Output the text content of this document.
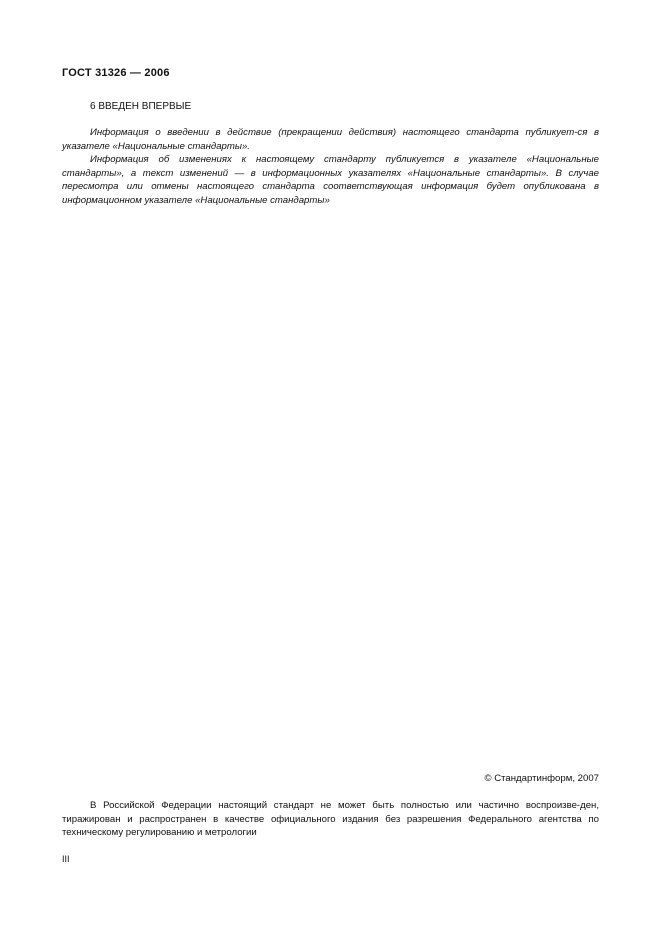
ГОСТ 31326 — 2006
6 ВВЕДЕН ВПЕРВЫЕ

Информация о введении в действие (прекращении действия) настоящего стандарта публикует-ся в указателе «Национальные стандарты».

Информация об изменениях к настоящему стандарту публикуется в указателе «Национальные стандарты», а текст изменений — в информационных указателях «Национальные стандарты». В случае пересмотра или отмены настоящего стандарта соответствующая информация будет опубликована в информационном указателе «Национальные стандарты»

© Стандартинформ, 2007

В Российской Федерации настоящий стандарт не может быть полностью или частично воспроизве-ден, тиражирован и распространен в качестве официального издания без разрешения Федерального агентства по техническому регулированию и метрологии

III
